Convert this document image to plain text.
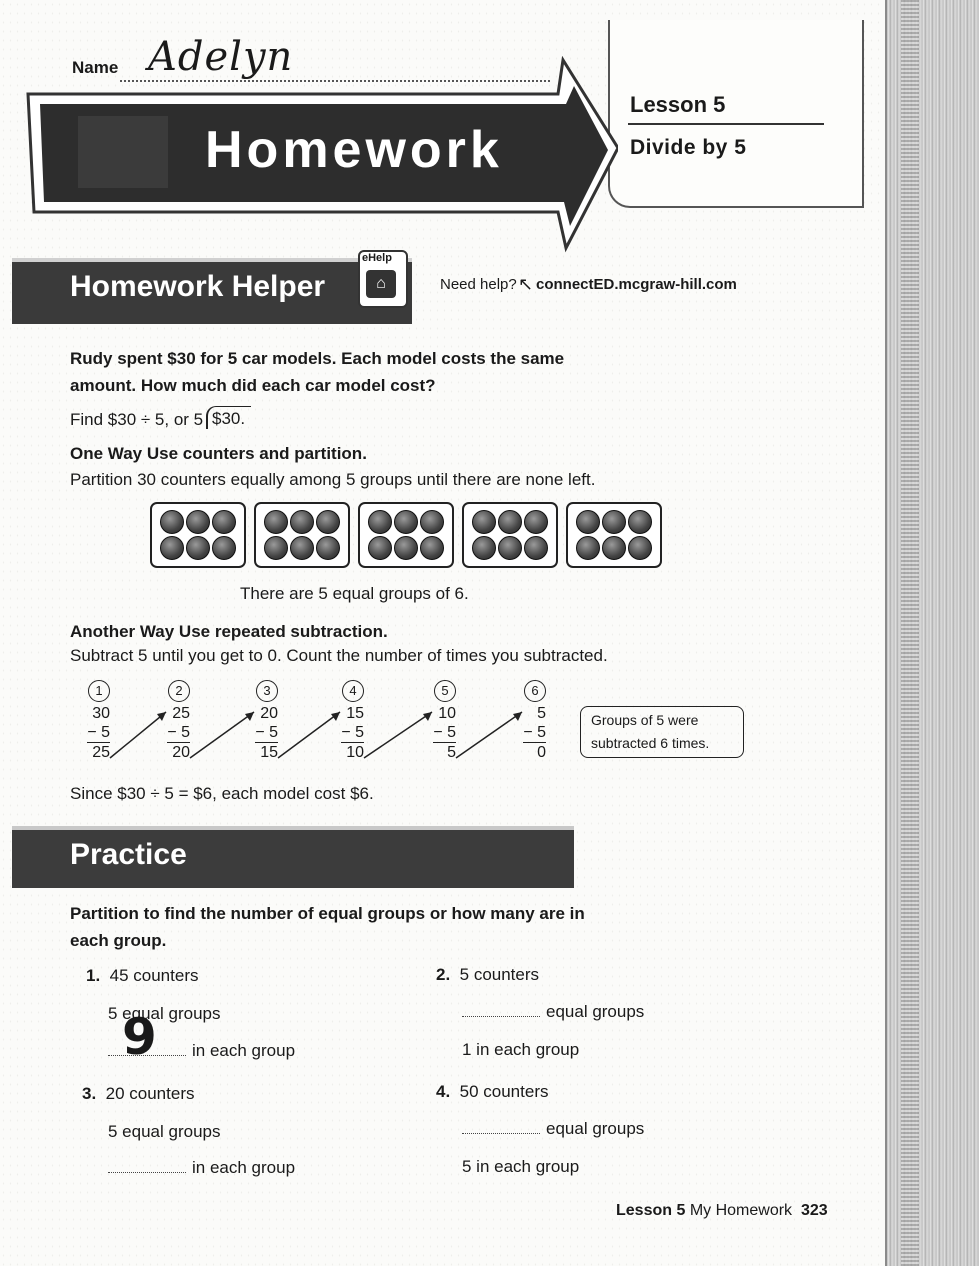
Name Adelyn
Lesson 5
Divide by 5
Homework
Homework Helper
eHelp
⌂	Need help? ↖ connectED.mcgraw-hill.com
Rudy spent $30 for 5 car models. Each model costs the same amount. How much did each car model cost?
Find $30 ÷ 5, or 5 $30.
One Way Use counters and partition.
Partition 30 counters equally among 5 groups until there are none left.
There are 5 equal groups of 6.
Another Way Use repeated subtraction.
Subtract 5 until you get to 0. Count the number of times you subtracted.
1
30
− 5
25
2
25
− 5
20
3
20
− 5
15
4
15
− 5
10
5
10
− 5
5
6
5
− 5
0
Groups of 5 were
subtracted 6 times.
Since $30 ÷ 5 = $6, each model cost $6.
Practice
Partition to find the number of equal groups or how many are in each group.
1. 45 counters
5 equal groups
in each group
9
2. 5 counters
equal groups
1 in each group
3. 20 counters
5 equal groups
in each group
4. 50 counters
equal groups
5 in each group
Lesson 5 My Homework 323
